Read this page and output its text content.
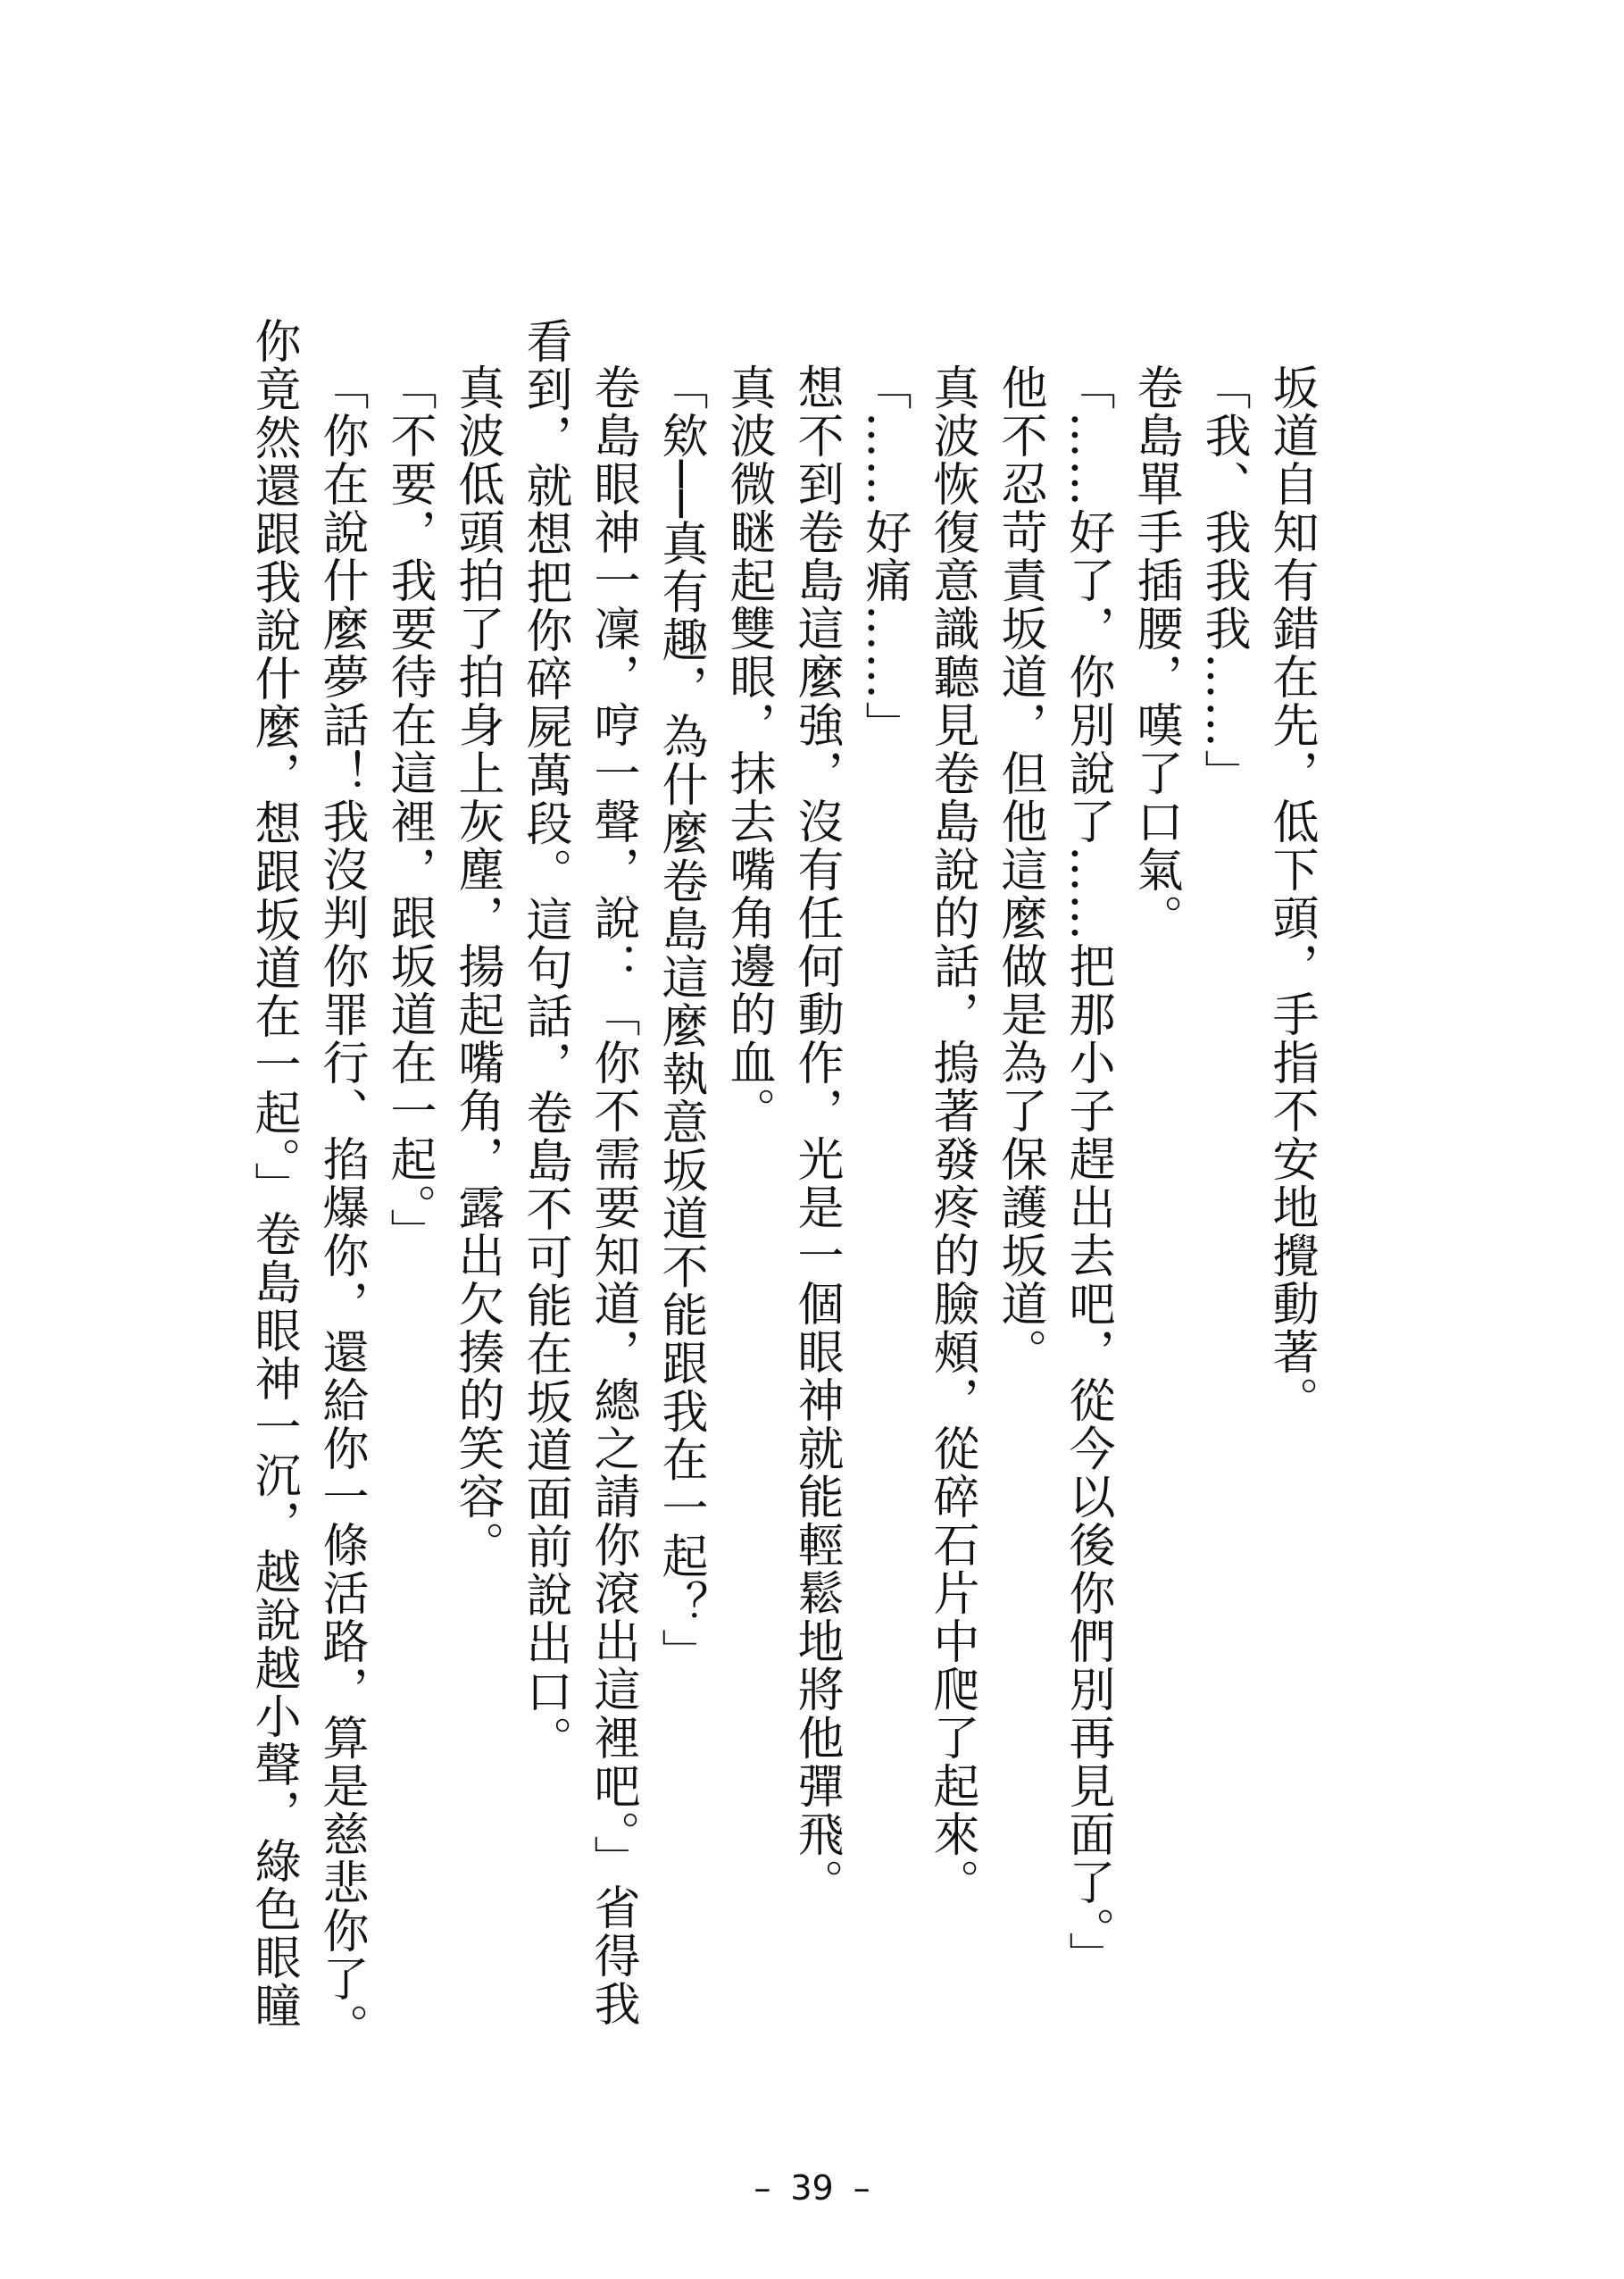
坂道自知有錯在先，低下頭，手指不安地攪動著。

「我、我我我……」

卷島單手插腰，嘆了口氣。

「……好了，你別說了……把那小子趕出去吧，從今以後你們別再見面了。」

他不忍苛責坂道，但他這麼做是為了保護坂道。

真波恢復意識聽見卷島說的話，摀著發疼的臉頰，從碎石片中爬了起來。

「……好痛……」

想不到卷島這麼強，沒有任何動作，光是一個眼神就能輕鬆地將他彈飛。

真波微瞇起雙眼，抹去嘴角邊的血。

「欸──真有趣，為什麼卷島這麼執意坂道不能跟我在一起？」

卷島眼神一凜，哼一聲，說：「你不需要知道，總之請你滾出這裡吧。」省得我看到，就想把你碎屍萬段。這句話，卷島不可能在坂道面前說出口。

真波低頭拍了拍身上灰塵，揚起嘴角，露出欠揍的笑容。

「不要，我要待在這裡，跟坂道在一起。」

「你在說什麼夢話！我沒判你罪行、掐爆你，還給你一條活路，算是慈悲你了。你竟然還跟我說什麼，想跟坂道在一起。」卷島眼神一沉，越說越小聲，綠色眼瞳

– 39 –
